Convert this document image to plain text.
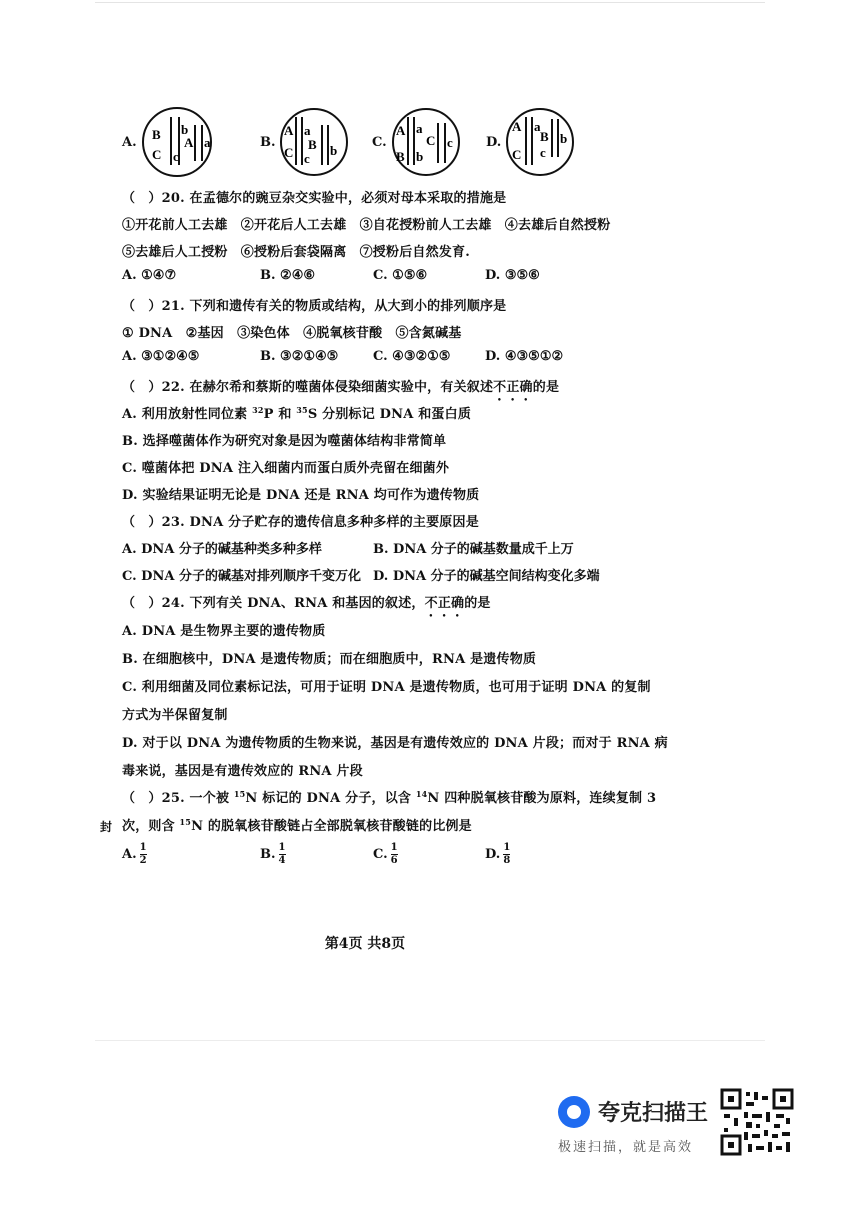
A.
B b
A a
C c
B.
A a
C
B b
c
C.
A a
C c
B b
D.
A a
B b
C c
（　）20. 在孟德尔的豌豆杂交实验中，必须对母本采取的措施是
①开花前人工去雄　②开花后人工去雄　③自花授粉前人工去雄　④去雄后自然授粉
⑤去雄后人工授粉　⑥授粉后套袋隔离　⑦授粉后自然发育.
A. ①④⑦	B. ②④⑥	C. ①⑤⑥	D. ③⑤⑥
（　）21. 下列和遗传有关的物质或结构，从大到小的排列顺序是
① DNA　②基因　③染色体　④脱氧核苷酸　⑤含氮碱基
A. ③①②④⑤	B. ③②①④⑤	C. ④③②①⑤	D. ④③⑤①②
（　）22. 在赫尔希和蔡斯的噬菌体侵染细菌实验中，有关叙述不正确的是
A. 利用放射性同位素 $^{32}$P 和 $^{35}$S 分别标记 DNA 和蛋白质
B. 选择噬菌体作为研究对象是因为噬菌体结构非常简单
C. 噬菌体把 DNA 注入细菌内而蛋白质外壳留在细菌外
D. 实验结果证明无论是 DNA 还是 RNA 均可作为遗传物质
（　）23. DNA 分子贮存的遗传信息多种多样的主要原因是
A. DNA 分子的碱基种类多种多样	B. DNA 分子的碱基数量成千上万
C. DNA 分子的碱基对排列顺序千变万化 D. DNA 分子的碱基空间结构变化多端
（　）24. 下列有关 DNA、RNA 和基因的叙述，不正确的是
A. DNA 是生物界主要的遗传物质
B. 在细胞核中，DNA 是遗传物质；而在细胞质中，RNA 是遗传物质
C. 利用细菌及同位素标记法，可用于证明 DNA 是遗传物质，也可用于证明 DNA 的复制
方式为半保留复制
D. 对于以 DNA 为遗传物质的生物来说，基因是有遗传效应的 DNA 片段；而对于 RNA 病
毒来说，基因是有遗传效应的 RNA 片段
（　）25. 一个被 $^{15}$N 标记的 DNA 分子，以含 $^{14}$N 四种脱氧核苷酸为原料，连续复制 3
次，则含 $^{15}$N 的脱氧核苷酸链占全部脱氧核苷酸链的比例是
封
A. $\frac{1}{2}$	B. $\frac{1}{4}$	C. $\frac{1}{6}$	D. $\frac{1}{8}$
第4页 共8页
夸克扫描王
极速扫描，就是高效
